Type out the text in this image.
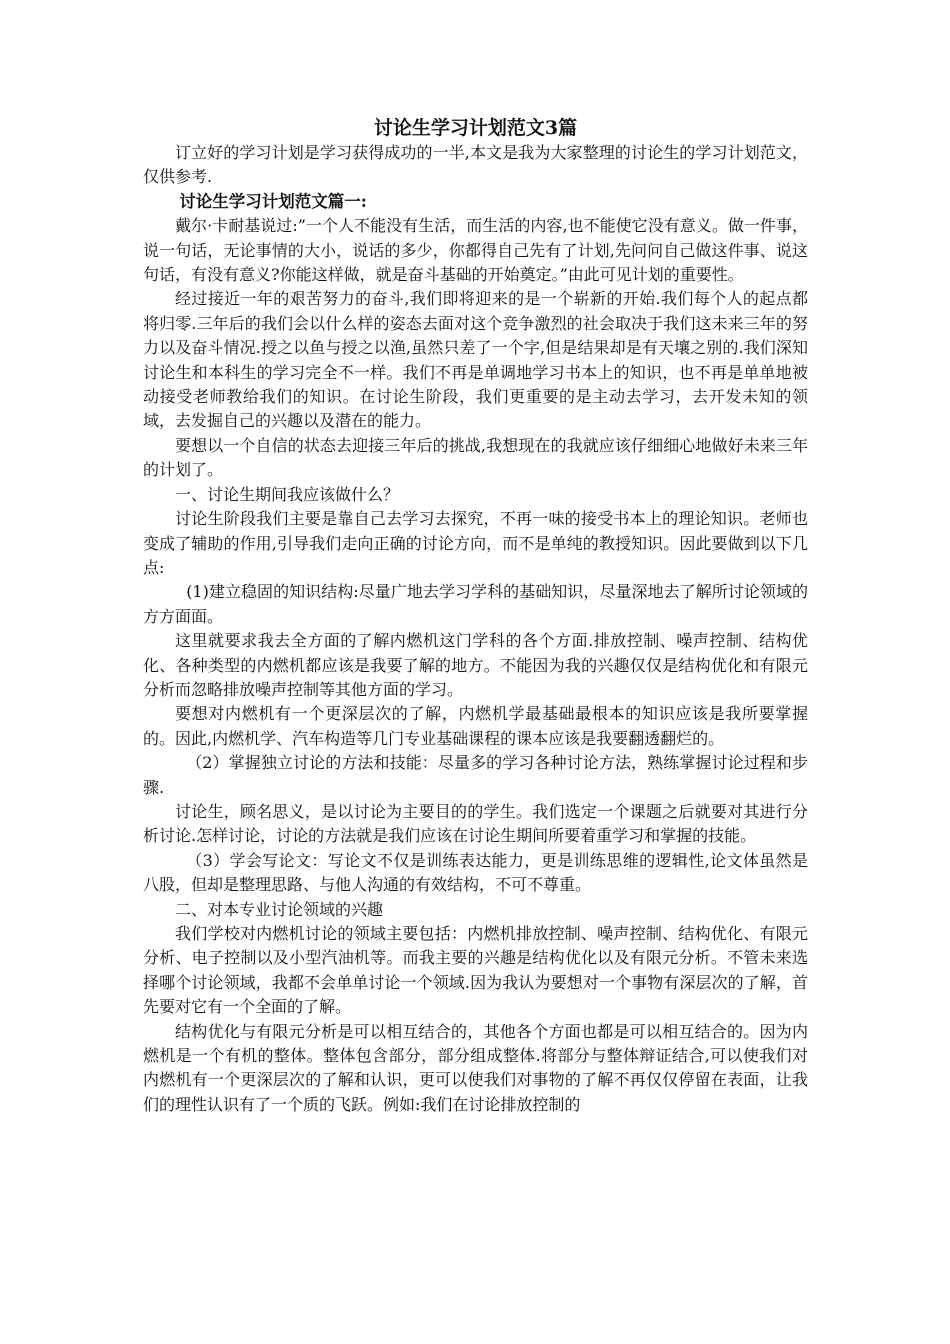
讨论生学习计划范文3篇

订立好的学习计划是学习获得成功的一半,本文是我为大家整理的讨论生的学习计划范文，仅供参考.

讨论生学习计划范文篇一:

戴尔·卡耐基说过:”一个人不能没有生活，而生活的内容,也不能使它没有意义。做一件事，说一句话，无论事情的大小，说话的多少，你都得自己先有了计划,先问问自己做这件事、说这句话，有没有意义?你能这样做，就是奋斗基础的开始奠定。”由此可见计划的重要性。

经过接近一年的艰苦努力的奋斗,我们即将迎来的是一个崭新的开始.我们每个人的起点都将归零.三年后的我们会以什么样的姿态去面对这个竞争激烈的社会取决于我们这未来三年的努力以及奋斗情况.授之以鱼与授之以渔,虽然只差了一个字,但是结果却是有天壤之别的.我们深知讨论生和本科生的学习完全不一样。我们不再是单调地学习书本上的知识，也不再是单单地被动接受老师教给我们的知识。在讨论生阶段，我们更重要的是主动去学习，去开发未知的领域，去发掘自己的兴趣以及潜在的能力。

要想以一个自信的状态去迎接三年后的挑战,我想现在的我就应该仔细细心地做好未来三年的计划了。

一、讨论生期间我应该做什么？

讨论生阶段我们主要是靠自己去学习去探究，不再一味的接受书本上的理论知识。老师也变成了辅助的作用,引导我们走向正确的讨论方向，而不是单纯的教授知识。因此要做到以下几点:

(1)建立稳固的知识结构:尽量广地去学习学科的基础知识，尽量深地去了解所讨论领域的方方面面。

这里就要求我去全方面的了解内燃机这门学科的各个方面.排放控制、噪声控制、结构优化、各种类型的内燃机都应该是我要了解的地方。不能因为我的兴趣仅仅是结构优化和有限元分析而忽略排放噪声控制等其他方面的学习。

要想对内燃机有一个更深层次的了解，内燃机学最基础最根本的知识应该是我所要掌握的。因此,内燃机学、汽车构造等几门专业基础课程的课本应该是我要翻透翻烂的。

（2）掌握独立讨论的方法和技能：尽量多的学习各种讨论方法，熟练掌握讨论过程和步骤.

讨论生，顾名思义，是以讨论为主要目的的学生。我们选定一个课题之后就要对其进行分析讨论.怎样讨论，讨论的方法就是我们应该在讨论生期间所要着重学习和掌握的技能。

（3）学会写论文：写论文不仅是训练表达能力，更是训练思维的逻辑性,论文体虽然是八股，但却是整理思路、与他人沟通的有效结构，不可不尊重。

二、对本专业讨论领域的兴趣

我们学校对内燃机讨论的领域主要包括：内燃机排放控制、噪声控制、结构优化、有限元分析、电子控制以及小型汽油机等。而我主要的兴趣是结构优化以及有限元分析。不管未来选择哪个讨论领域，我都不会单单讨论一个领域.因为我认为要想对一个事物有深层次的了解，首先要对它有一个全面的了解。

结构优化与有限元分析是可以相互结合的，其他各个方面也都是可以相互结合的。因为内燃机是一个有机的整体。整体包含部分，部分组成整体.将部分与整体辩证结合,可以使我们对内燃机有一个更深层次的了解和认识，更可以使我们对事物的了解不再仅仅停留在表面，让我们的理性认识有了一个质的飞跃。例如:我们在讨论排放控制的
